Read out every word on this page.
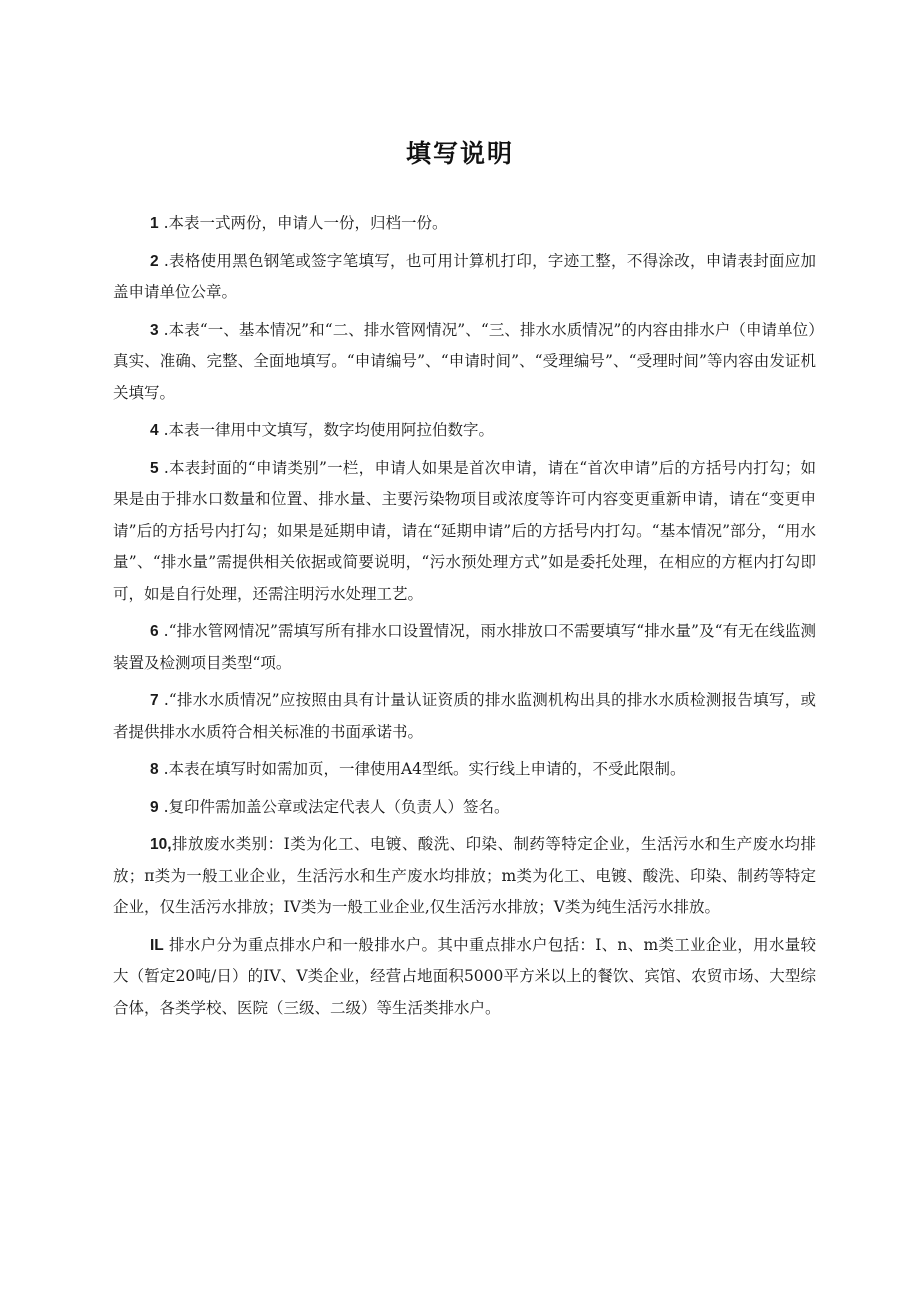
填写说明

1 .本表一式两份，申请人一份，归档一份。

2 .表格使用黑色钢笔或签字笔填写，也可用计算机打印，字迹工整，不得涂改，申请表封面应加盖申请单位公章。

3 .本表“一、基本情况”和“二、排水管网情况”、“三、排水水质情况”的内容由排水户（申请单位）真实、准确、完整、全面地填写。“申请编号”、“申请时间”、“受理编号”、“受理时间”等内容由发证机关填写。

4 .本表一律用中文填写，数字均使用阿拉伯数字。

5 .本表封面的“申请类别”一栏，申请人如果是首次申请，请在“首次申请”后的方括号内打勾；如果是由于排水口数量和位置、排水量、主要污染物项目或浓度等许可内容变更重新申请，请在“变更申请”后的方括号内打勾；如果是延期申请，请在“延期申请”后的方括号内打勾。“基本情况”部分，“用水量”、“排水量”需提供相关依据或简要说明，“污水预处理方式”如是委托处理，在相应的方框内打勾即可，如是自行处理，还需注明污水处理工艺。

6 .“排水管网情况”需填写所有排水口设置情况，雨水排放口不需要填写“排水量”及“有无在线监测装置及检测项目类型“项。

7 .“排水水质情况”应按照由具有计量认证资质的排水监测机构出具的排水水质检测报告填写，或者提供排水水质符合相关标准的书面承诺书。

8 .本表在填写时如需加页，一律使用A4型纸。实行线上申请的，不受此限制。

9 .复印件需加盖公章或法定代表人（负责人）签名。

10,排放废水类别：I类为化工、电镀、酸洗、印染、制药等特定企业，生活污水和生产废水均排放；π类为一般工业企业，生活污水和生产废水均排放；m类为化工、电镀、酸洗、印染、制药等特定企业，仅生活污水排放；IV类为一般工业企业,仅生活污水排放；V类为纯生活污水排放。

IL 排水户分为重点排水户和一般排水户。其中重点排水户包括：I、n、m类工业企业，用水量较大（暂定20吨/日）的IV、V类企业，经营占地面积5000平方米以上的餐饮、宾馆、农贸市场、大型综合体，各类学校、医院（三级、二级）等生活类排水户。
